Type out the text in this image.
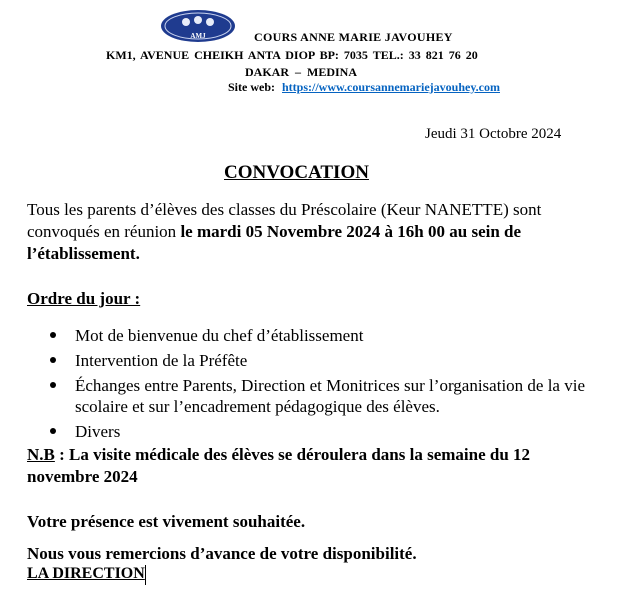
AMJ	COURS ANNE MARIE JAVOUHEY
KM1, AVENUE CHEIKH ANTA DIOP BP: 7035 TEL.: 33 821 76 20
DAKAR – MEDINA
Site web: https://www.coursannemariejavouhey.com
Jeudi 31 Octobre 2024
CONVOCATION
Tous les parents d’élèves des classes du Préscolaire (Keur NANETTE) sont convoqués en réunion le mardi 05 Novembre 2024 à 16h 00 au sein de l’établissement.
Ordre du jour :
Mot de bienvenue du chef d’établissement
Intervention de la Préfête
Échanges entre Parents, Direction et Monitrices sur l’organisation de la vie scolaire et sur l’encadrement pédagogique des élèves.
Divers
N.B : La visite médicale des élèves se déroulera dans la semaine du 12 novembre 2024
Votre présence est vivement souhaitée.
Nous vous remercions d’avance de votre disponibilité.
LA DIRECTION
